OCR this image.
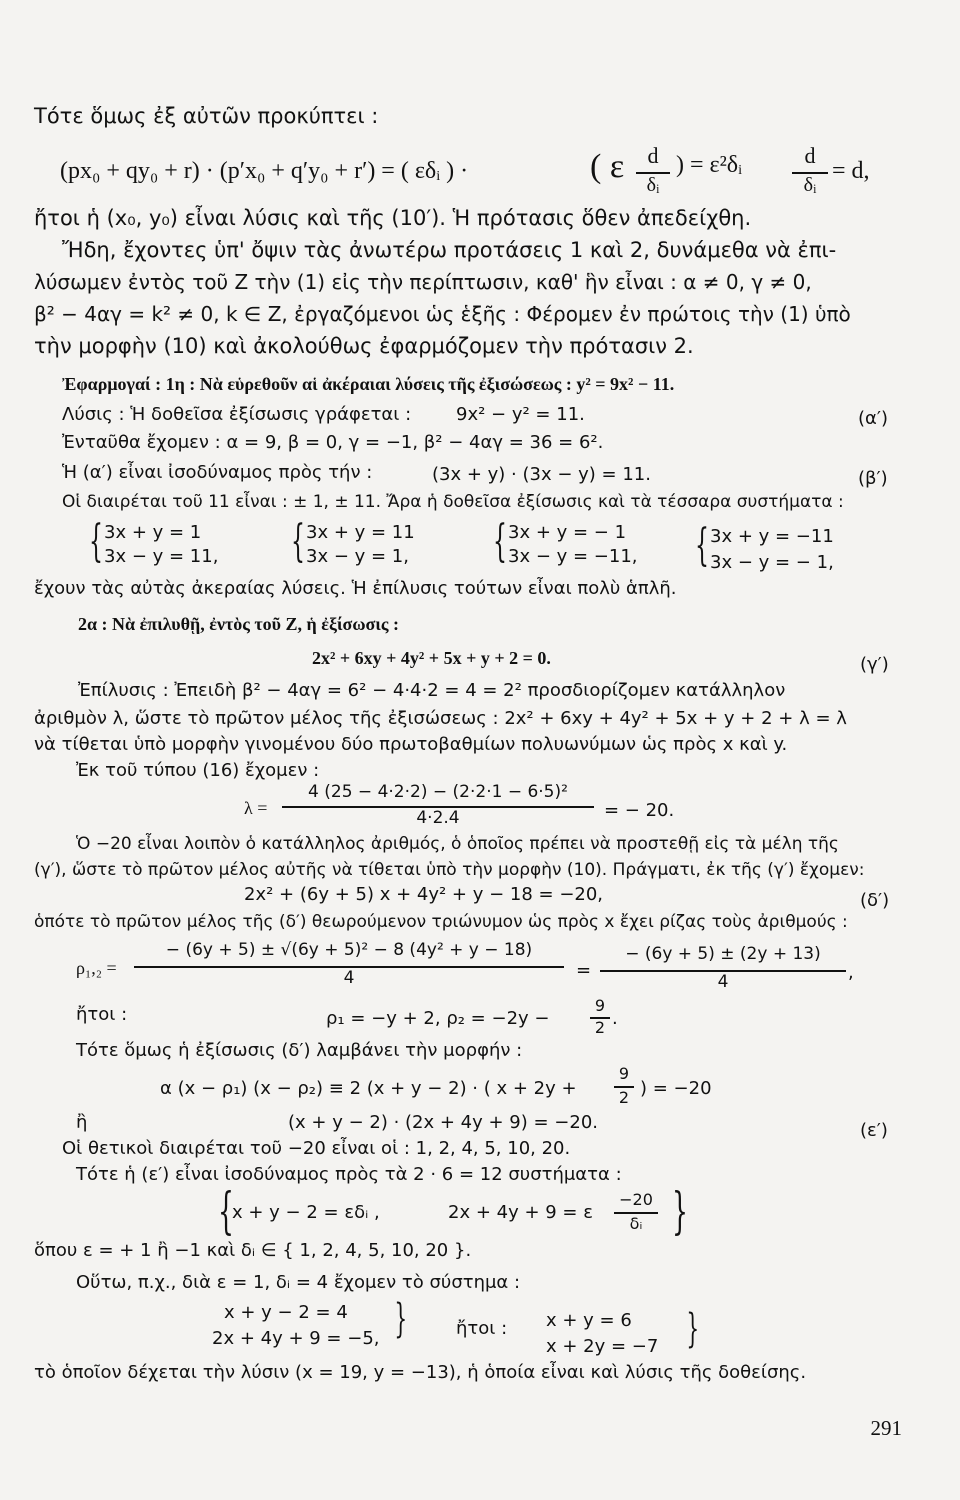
Τότε ὅμως ἐξ αὐτῶν προκύπτει :
(px₀ + qy₀ + r) · (p′x₀ + q′y₀ + r′) = ( εδᵢ ) ·	( ε	d
δᵢ
) = ε²δᵢ	d
δᵢ
= d,
ἤτοι ἡ (x₀, y₀) εἶναι λύσις καὶ τῆς (10′). Ἡ πρότασις ὅθεν ἀπεδείχθη.
Ἤδη, ἔχοντες ὑπ' ὄψιν τὰς ἀνωτέρω προτάσεις 1 καὶ 2, δυνάμεθα νὰ ἐπι-
λύσωμεν ἐντὸς τοῦ Z τὴν (1) εἰς τὴν περίπτωσιν, καθ' ἣν εἶναι : α ≠ 0, γ ≠ 0,
β² − 4αγ = k² ≠ 0, k ∈ Z, ἐργαζόμενοι ὡς ἑξῆς : Φέρομεν ἐν πρώτοις τὴν (1) ὑπὸ
τὴν μορφὴν (10) καὶ ἀκολούθως ἐφαρμόζομεν τὴν πρότασιν 2.
Ἐφαρμογαί : 1η : Νὰ εὑρεθοῦν αἱ ἀκέραιαι λύσεις τῆς ἐξισώσεως : y² = 9x² − 11.
Λύσις : Ἡ δοθεῖσα ἐξίσωσις γράφεται : 9x² − y² = 11.	(α′)
Ἐνταῦθα ἔχομεν : α = 9, β = 0, γ = −1, β² − 4αγ = 36 = 6².
Ἡ (α′) εἶναι ἰσοδύναμος πρὸς τήν :	(3x + y) · (3x − y) = 11.	(β′)
Οἱ διαιρέται τοῦ 11 εἶναι : ± 1, ± 11. Ἄρα ἡ δοθεῖσα ἐξίσωσις καὶ τὰ τέσσαρα συστήματα :
{ 3x + y = 1
3x − y = 11, { 3x + y = 11
3x − y = 1, { 3x + y = − 1
3x − y = −11, { 3x + y = −11
3x − y = − 1,
ἔχουν τὰς αὐτὰς ἀκεραίας λύσεις. Ἡ ἐπίλυσις τούτων εἶναι πολὺ ἁπλῆ.
2α : Νὰ ἐπιλυθῇ, ἐντὸς τοῦ Z, ἡ ἐξίσωσις :
2x² + 6xy + 4y² + 5x + y + 2 = 0.	(γ′)
Ἐπίλυσις : Ἐπειδὴ β² − 4αγ = 6² − 4·4·2 = 4 = 2² προσδιορίζομεν κατάλληλον
ἀριθμὸν λ, ὥστε τὸ πρῶτον μέλος τῆς ἐξισώσεως : 2x² + 6xy + 4y² + 5x + y + 2 + λ = λ
νὰ τίθεται ὑπὸ μορφὴν γινομένου δύο πρωτοβαθμίων πολυωνύμων ὡς πρὸς x καὶ y.
Ἐκ τοῦ τύπου (16) ἔχομεν :
λ =
4 (25 − 4·2·2) − (2·2·1 − 6·5)²
4·2.4	= − 20.
Ὁ −20 εἶναι λοιπὸν ὁ κατάλληλος ἀριθμός, ὁ ὁποῖος πρέπει νὰ προστεθῇ εἰς τὰ μέλη τῆς
(γ′), ὥστε τὸ πρῶτον μέλος αὐτῆς νὰ τίθεται ὑπὸ τὴν μορφὴν (10). Πράγματι, ἐκ τῆς (γ′) ἔχομεν:
2x² + (6y + 5) x + 4y² + y − 18 = −20,	(δ′)
ὁπότε τὸ πρῶτον μέλος τῆς (δ′) θεωρούμενον τριώνυμον ὡς πρὸς x ἔχει ρίζας τοὺς ἀριθμούς :
ρ₁,₂ =
− (6y + 5) ± √(6y + 5)² − 8 (4y² + y − 18)
4	=
− (6y + 5) ± (2y + 13)
4	,
ἤτοι :	ρ₁ = −y + 2, ρ₂ = −2y −
9
2 .
Τότε ὅμως ἡ ἐξίσωσις (δ′) λαμβάνει τὴν μορφήν :
α (x − ρ₁) (x − ρ₂) ≡ 2 (x + y − 2) · ( x + 2y +
9
2 ) = −20
ἢ	(x + y − 2) · (2x + 4y + 9) = −20.	(ε′)
Οἱ θετικοὶ διαιρέται τοῦ −20 εἶναι οἱ : 1, 2, 4, 5, 10, 20.
Τότε ἡ (ε′) εἶναι ἰσοδύναμος πρὸς τὰ 2 · 6 = 12 συστήματα :
{
x + y − 2 = εδᵢ ,	2x + 4y + 9 = ε
−20
δᵢ }
ὅπου ε = + 1 ἢ −1 καὶ δᵢ ∈ { 1, 2, 4, 5, 10, 20 }.
Οὕτω, π.χ., διὰ ε = 1, δᵢ = 4 ἔχομεν τὸ σύστημα :
x + y − 2 = 4
2x + 4y + 9 = −5, }	ἤτοι : x + y = 6
x + 2y = −7 }
τὸ ὁποῖον δέχεται τὴν λύσιν (x = 19, y = −13), ἡ ὁποία εἶναι καὶ λύσις τῆς δοθείσης.
291
